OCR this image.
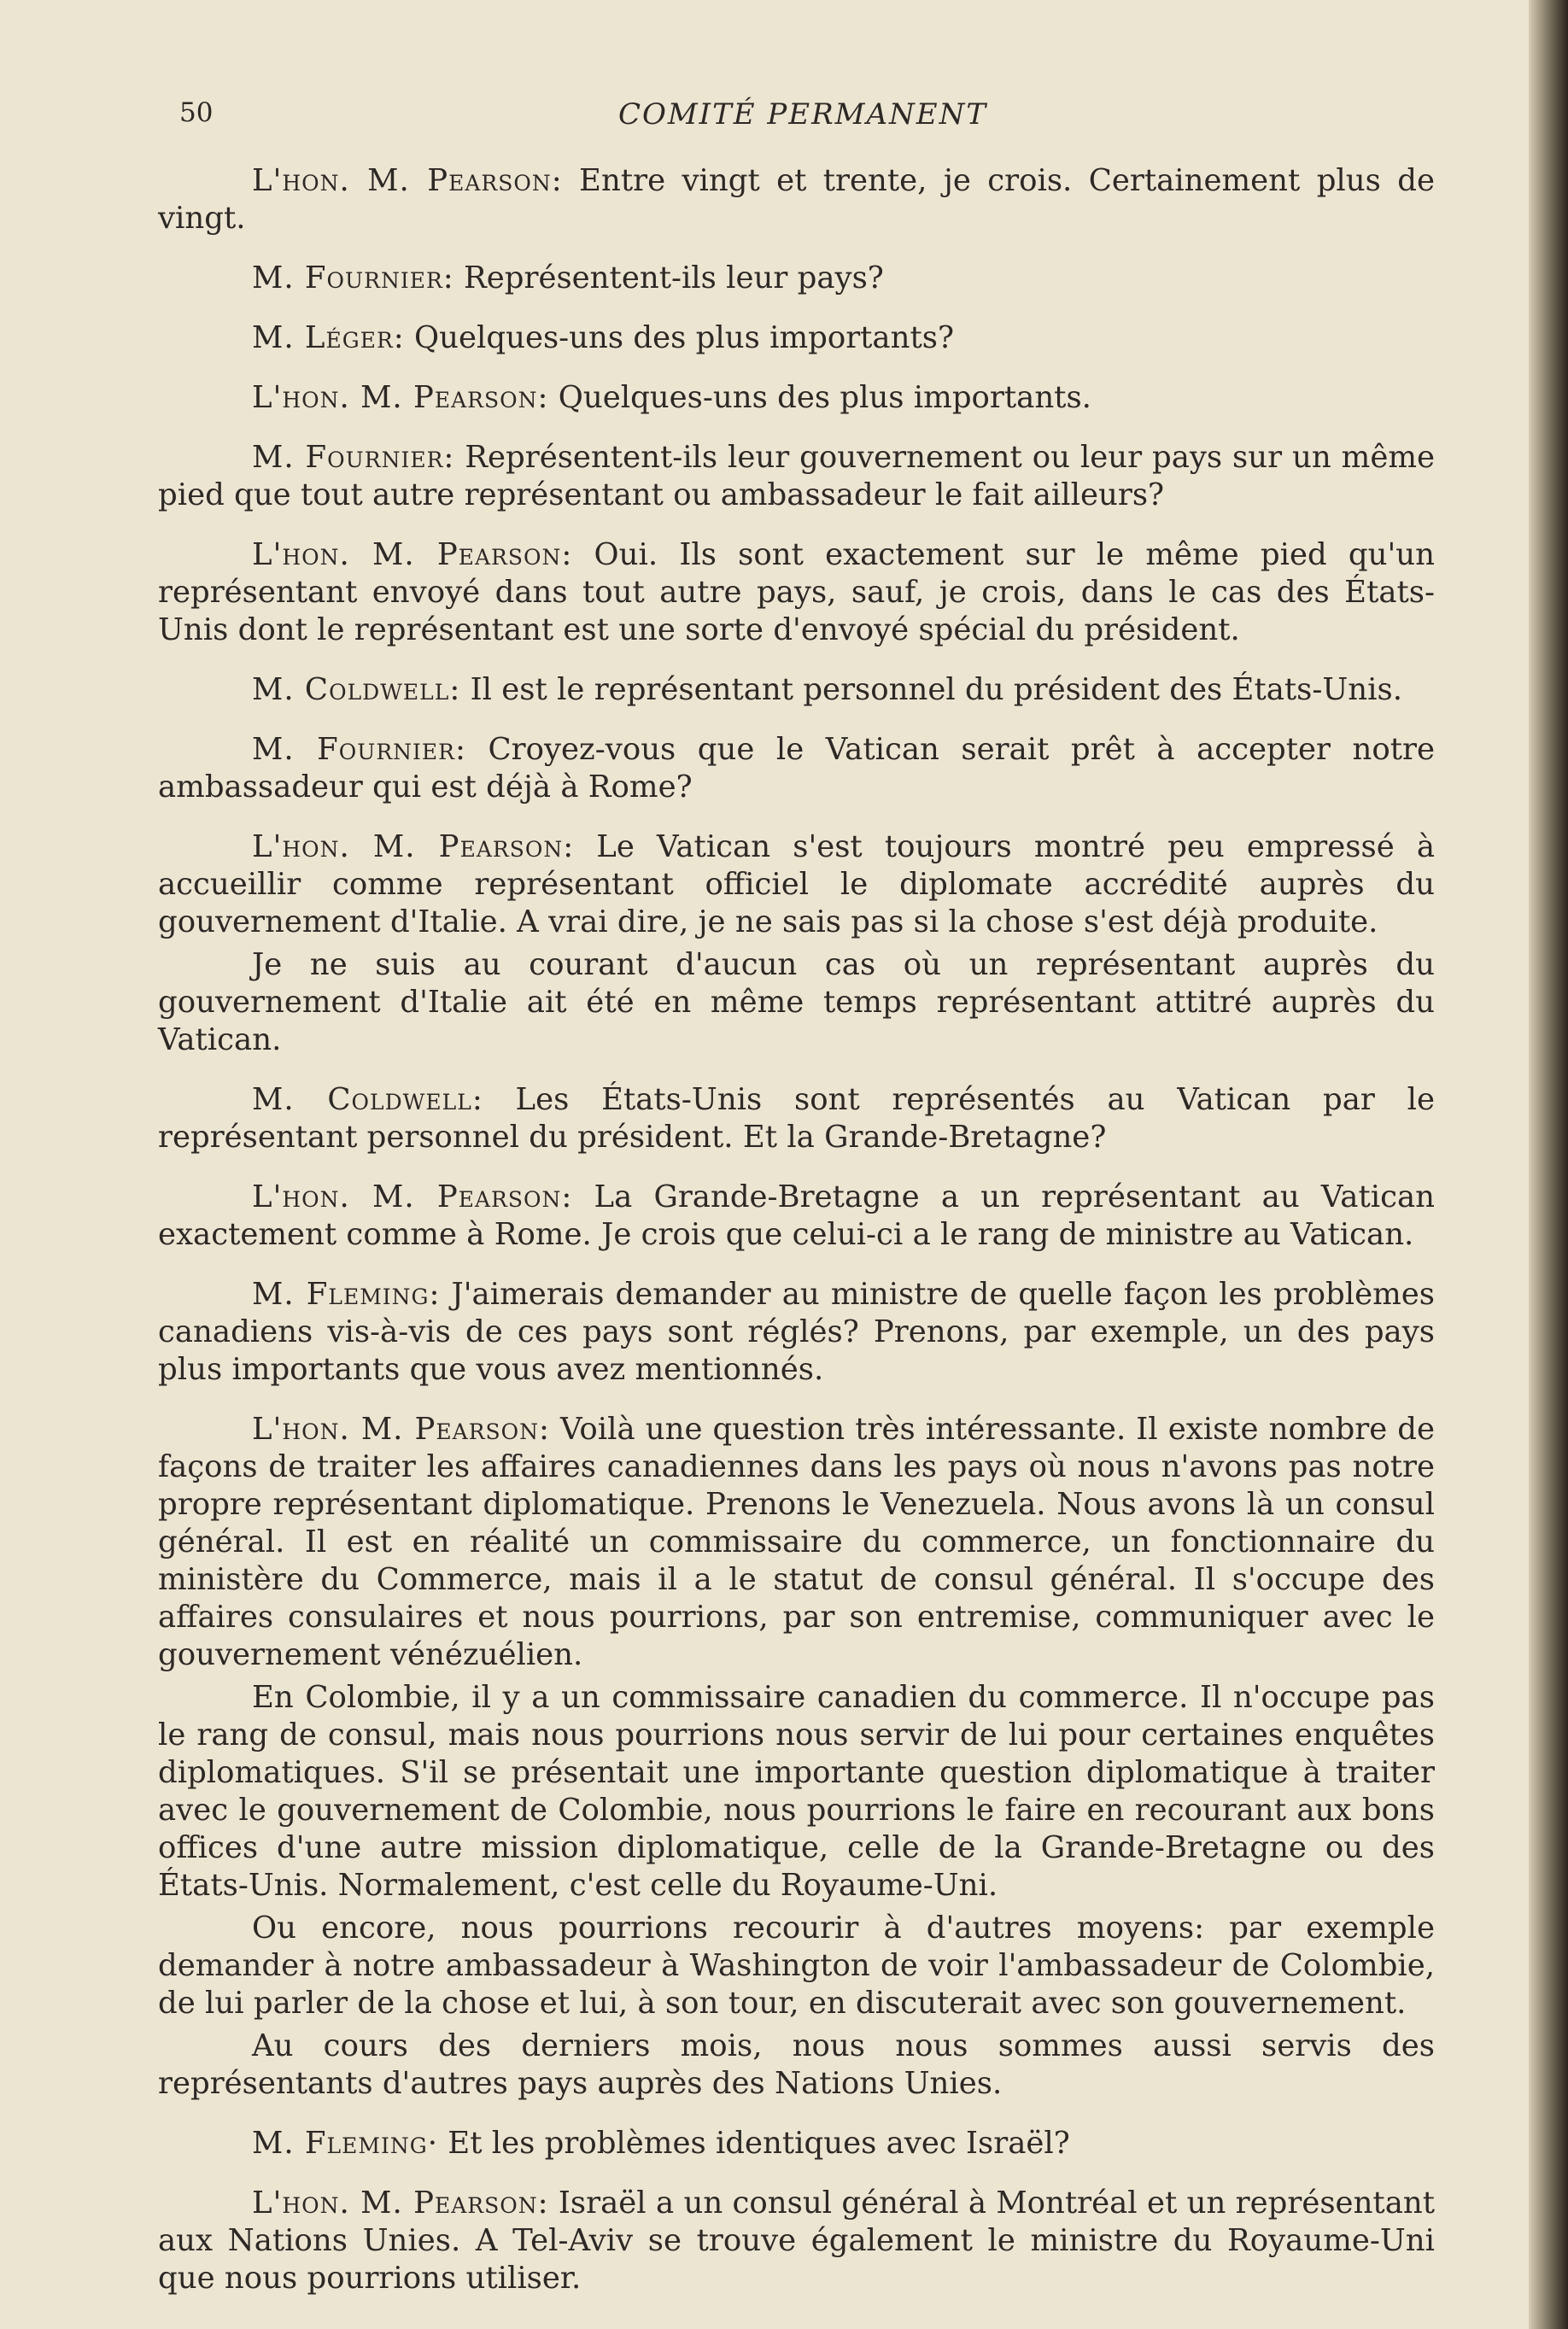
50	COMITÉ PERMANENT

L'hon. M. Pearson: Entre vingt et trente, je crois. Certainement plus de vingt.

M. Fournier: Représentent-ils leur pays?

M. Léger: Quelques-uns des plus importants?

L'hon. M. Pearson: Quelques-uns des plus importants.

M. Fournier: Représentent-ils leur gouvernement ou leur pays sur un même pied que tout autre représentant ou ambassadeur le fait ailleurs?

L'hon. M. Pearson: Oui. Ils sont exactement sur le même pied qu'un représentant envoyé dans tout autre pays, sauf, je crois, dans le cas des États-Unis dont le représentant est une sorte d'envoyé spécial du président.

M. Coldwell: Il est le représentant personnel du président des États-Unis.

M. Fournier: Croyez-vous que le Vatican serait prêt à accepter notre ambassadeur qui est déjà à Rome?

L'hon. M. Pearson: Le Vatican s'est toujours montré peu empressé à accueillir comme représentant officiel le diplomate accrédité auprès du gouvernement d'Italie. A vrai dire, je ne sais pas si la chose s'est déjà produite.

Je ne suis au courant d'aucun cas où un représentant auprès du gouvernement d'Italie ait été en même temps représentant attitré auprès du Vatican.

M. Coldwell: Les États-Unis sont représentés au Vatican par le représentant personnel du président. Et la Grande-Bretagne?

L'hon. M. Pearson: La Grande-Bretagne a un représentant au Vatican exactement comme à Rome. Je crois que celui-ci a le rang de ministre au Vatican.

M. Fleming: J'aimerais demander au ministre de quelle façon les problèmes canadiens vis-à-vis de ces pays sont réglés? Prenons, par exemple, un des pays plus importants que vous avez mentionnés.

L'hon. M. Pearson: Voilà une question très intéressante. Il existe nombre de façons de traiter les affaires canadiennes dans les pays où nous n'avons pas notre propre représentant diplomatique. Prenons le Venezuela. Nous avons là un consul général. Il est en réalité un commissaire du commerce, un fonctionnaire du ministère du Commerce, mais il a le statut de consul général. Il s'occupe des affaires consulaires et nous pourrions, par son entremise, communiquer avec le gouvernement vénézuélien.

En Colombie, il y a un commissaire canadien du commerce. Il n'occupe pas le rang de consul, mais nous pourrions nous servir de lui pour certaines enquêtes diplomatiques. S'il se présentait une importante question diplomatique à traiter avec le gouvernement de Colombie, nous pourrions le faire en recourant aux bons offices d'une autre mission diplomatique, celle de la Grande-Bretagne ou des États-Unis. Normalement, c'est celle du Royaume-Uni.

Ou encore, nous pourrions recourir à d'autres moyens: par exemple demander à notre ambassadeur à Washington de voir l'ambassadeur de Colombie, de lui parler de la chose et lui, à son tour, en discuterait avec son gouvernement.

Au cours des derniers mois, nous nous sommes aussi servis des représentants d'autres pays auprès des Nations Unies.

M. Fleming· Et les problèmes identiques avec Israël?

L'hon. M. Pearson: Israël a un consul général à Montréal et un représentant aux Nations Unies. A Tel-Aviv se trouve également le ministre du Royaume-Uni que nous pourrions utiliser.
